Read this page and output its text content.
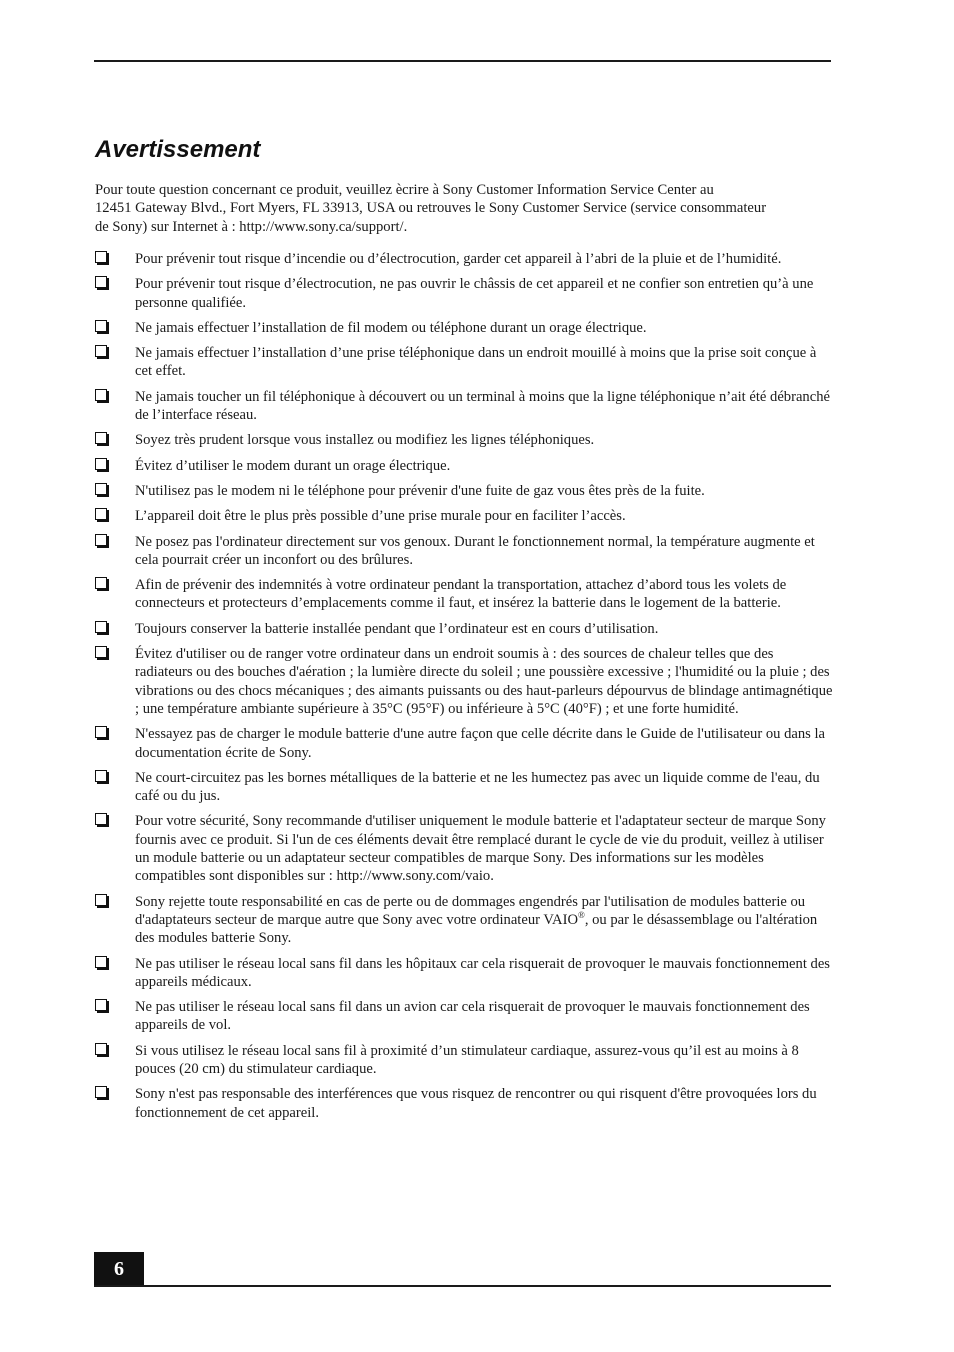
Avertissement

Pour toute question concernant ce produit, veuillez ècrire à Sony Customer Information Service Center au
12451 Gateway Blvd., Fort Myers, FL 33913, USA ou retrouves le Sony Customer Service (service consommateur
de Sony) sur Internet à : http://www.sony.ca/support/.

Pour prévenir tout risque d’incendie ou d’électrocution, garder cet appareil à l’abri de la pluie et de l’humidité.
Pour prévenir tout risque d’électrocution, ne pas ouvrir le châssis de cet appareil et ne confier son entretien qu’à une personne qualifiée.
Ne jamais effectuer l’installation de fil modem ou téléphone durant un orage électrique.
Ne jamais effectuer l’installation d’une prise téléphonique dans un endroit mouillé à moins que la prise soit conçue à cet effet.
Ne jamais toucher un fil téléphonique à découvert ou un terminal à moins que la ligne téléphonique n’ait été débranché de l’interface réseau.
Soyez très prudent lorsque vous installez ou modifiez les lignes téléphoniques.
Évitez d’utiliser le modem durant un orage électrique.
N'utilisez pas le modem ni le téléphone pour prévenir d'une fuite de gaz vous êtes près de la fuite.
L’appareil doit être le plus près possible d’une prise murale pour en faciliter l’accès.
Ne posez pas l'ordinateur directement sur vos genoux. Durant le fonctionnement normal, la température augmente et cela pourrait créer un inconfort ou des brûlures.
Afin de prévenir des indemnités à votre ordinateur pendant la transportation, attachez d’abord tous les volets de connecteurs et protecteurs d’emplacements comme il faut, et insérez la batterie dans le logement de la batterie.
Toujours conserver la batterie installée pendant que l’ordinateur est en cours d’utilisation.
Évitez d'utiliser ou de ranger votre ordinateur dans un endroit soumis à : des sources de chaleur telles que des radiateurs ou des bouches d'aération ; la lumière directe du soleil ; une poussière excessive ; l'humidité ou la pluie ; des vibrations ou des chocs mécaniques ; des aimants puissants ou des haut-parleurs dépourvus de blindage antimagnétique ; une température ambiante supérieure à 35°C (95°F) ou inférieure à 5°C (40°F) ; et une forte humidité.
N'essayez pas de charger le module batterie d'une autre façon que celle décrite dans le Guide de l'utilisateur ou dans la documentation écrite de Sony.
Ne court-circuitez pas les bornes métalliques de la batterie et ne les humectez pas avec un liquide comme de l'eau, du café ou du jus.
Pour votre sécurité, Sony recommande d'utiliser uniquement le module batterie et l'adaptateur secteur de marque Sony fournis avec ce produit. Si l'un de ces éléments devait être remplacé durant le cycle de vie du produit, veillez à utiliser un module batterie ou un adaptateur secteur compatibles de marque Sony. Des informations sur les modèles compatibles sont disponibles sur : http://www.sony.com/vaio.
Sony rejette toute responsabilité en cas de perte ou de dommages engendrés par l'utilisation de modules batterie ou d'adaptateurs secteur de marque autre que Sony avec votre ordinateur VAIO®, ou par le désassemblage ou l'altération des modules batterie Sony.
Ne pas utiliser le réseau local sans fil dans les hôpitaux car cela risquerait de provoquer le mauvais fonctionnement des appareils médicaux.
Ne pas utiliser le réseau local sans fil dans un avion car cela risquerait de provoquer le mauvais fonctionnement des appareils de vol.
Si vous utilisez le réseau local sans fil à proximité d’un stimulateur cardiaque, assurez-vous qu’il est au moins à 8 pouces (20 cm) du stimulateur cardiaque.
Sony n'est pas responsable des interférences que vous risquez de rencontrer ou qui risquent d'être provoquées lors du fonctionnement de cet appareil.
6
